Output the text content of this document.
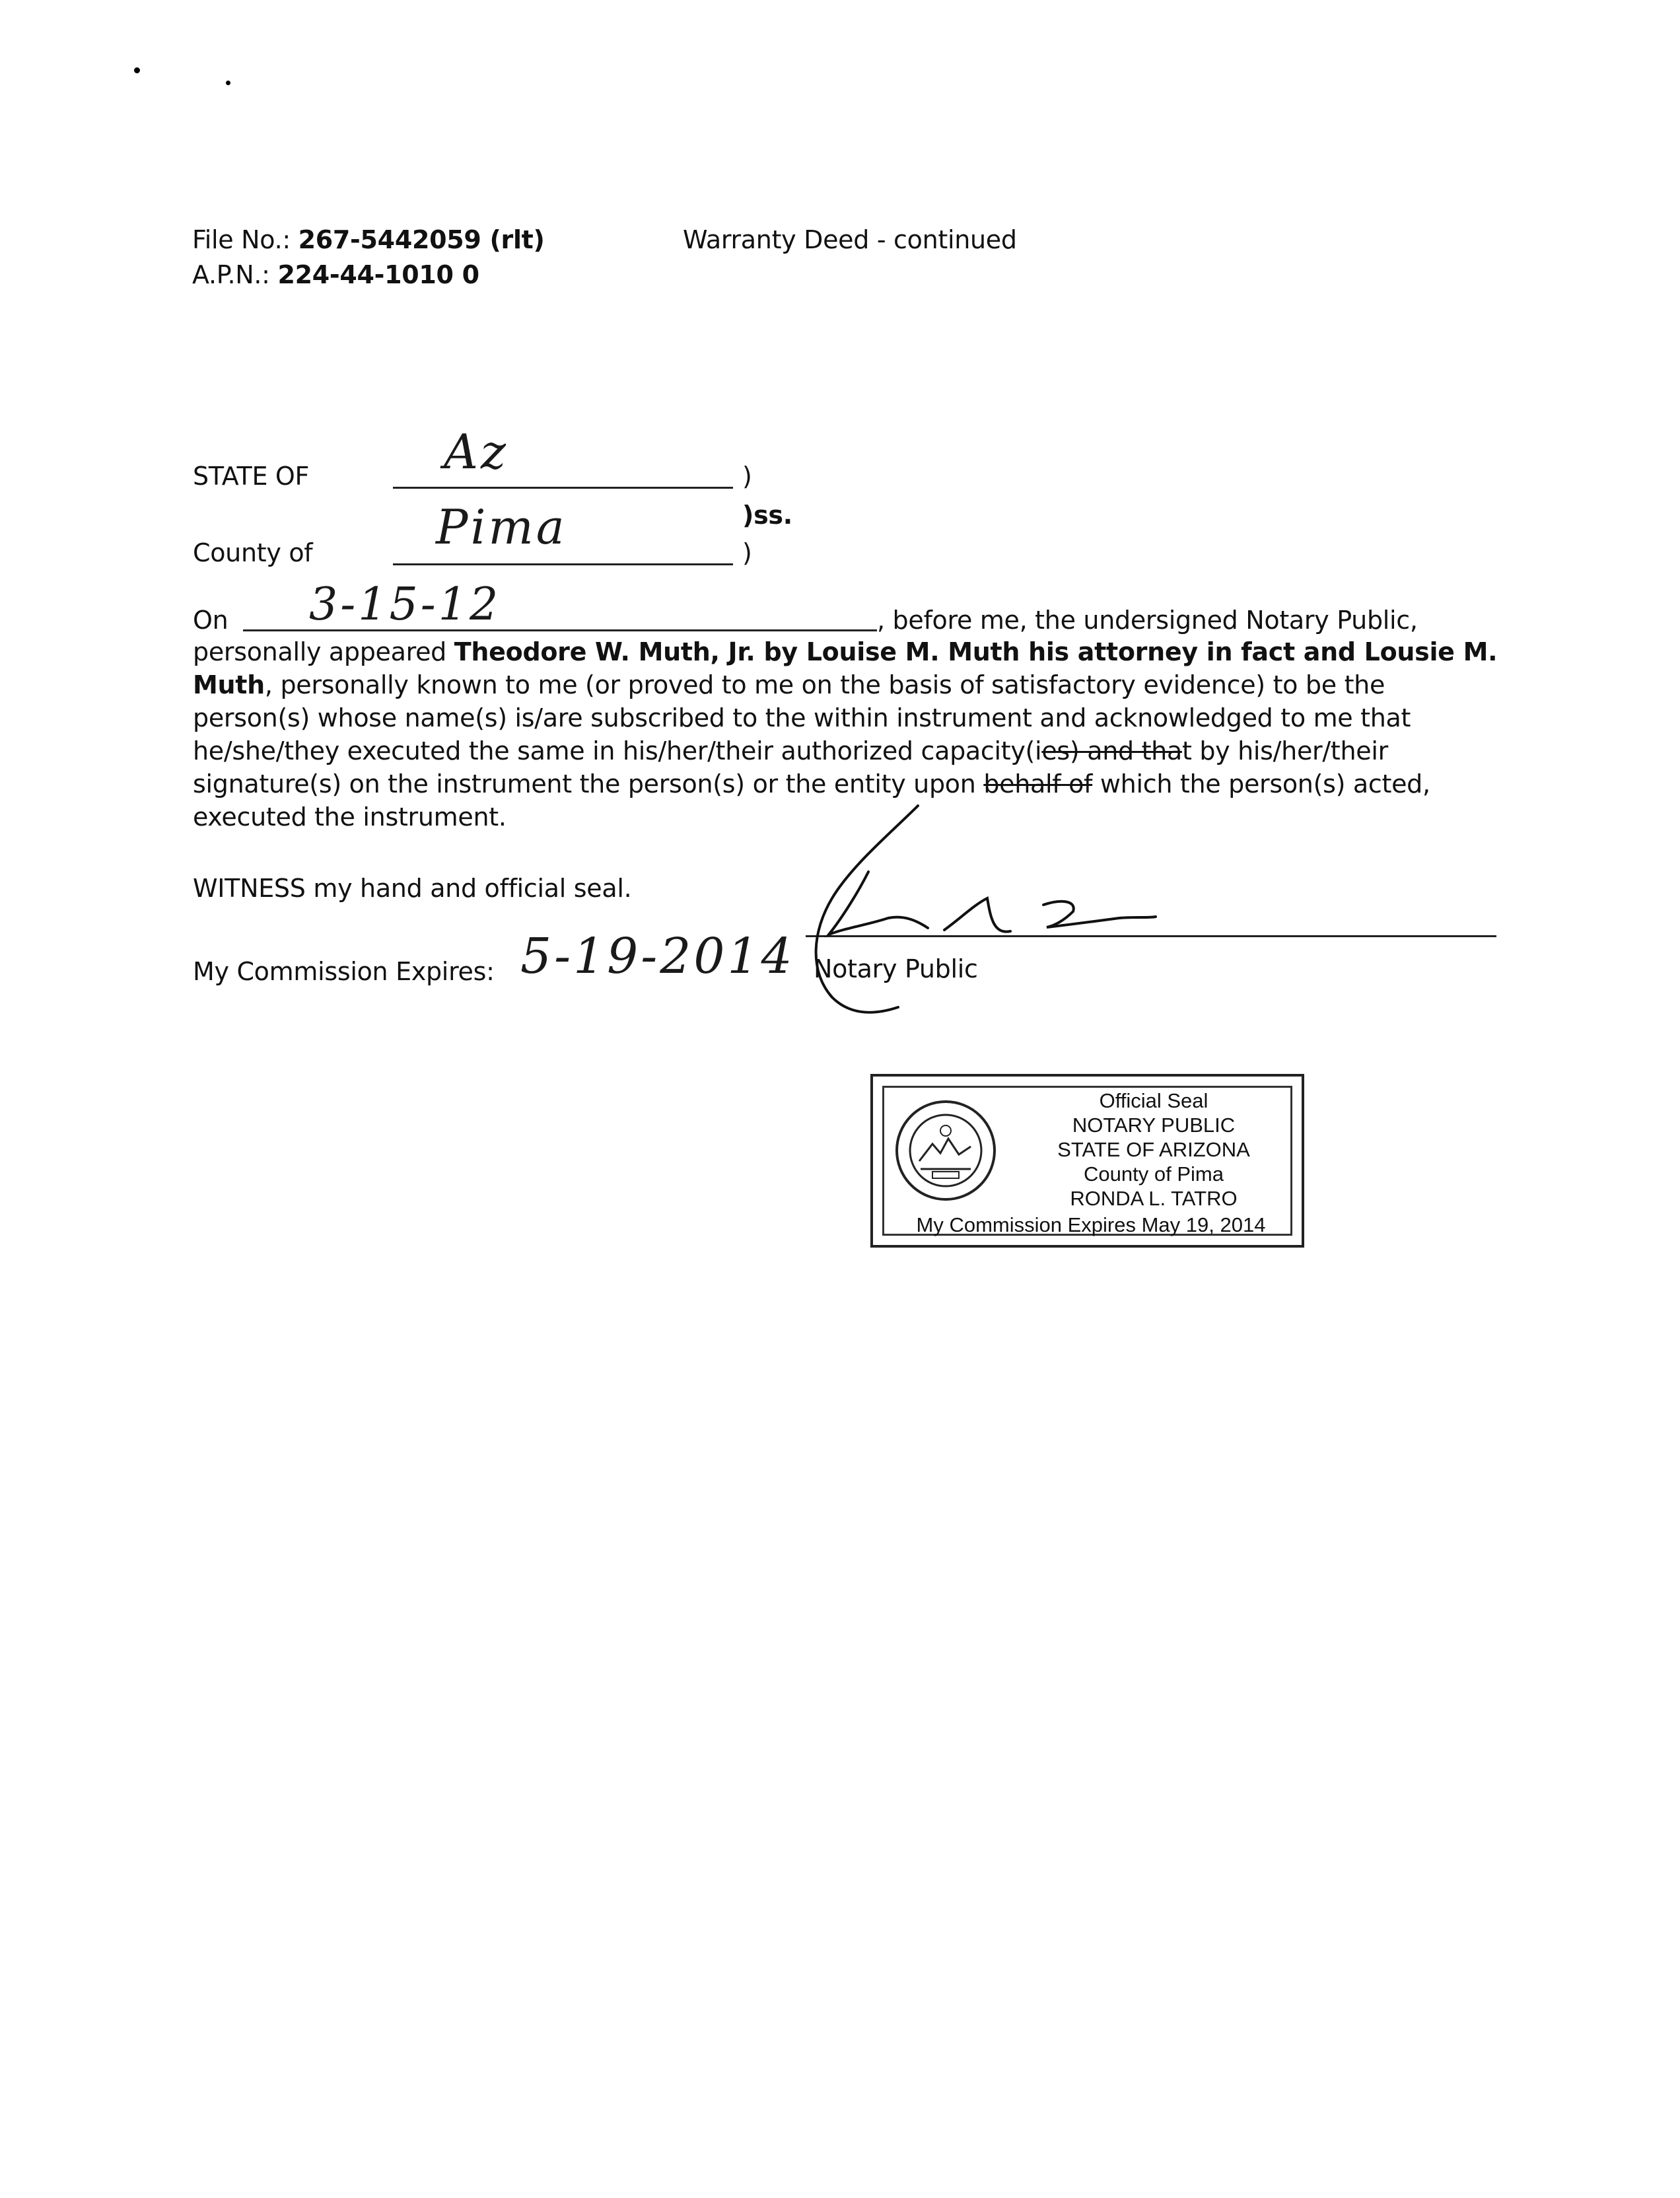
File No.: 267-5442059 (rlt)
A.P.N.: 224-44-1010 0
Warranty Deed - continued
STATE OF	Az	)
)ss.
County of	Pima	)
On 3-15-12	, before me, the undersigned Notary Public,

personally appeared Theodore W. Muth, Jr. by Louise M. Muth his attorney in fact and Lousie M.

Muth, personally known to me (or proved to me on the basis of satisfactory evidence) to be the

person(s) whose name(s) is/are subscribed to the within instrument and acknowledged to me that

he/she/they executed the same in his/her/their authorized capacity(ies) and that by his/her/their

signature(s) on the instrument the person(s) or the entity upon behalf of which the person(s) acted,

executed the instrument.

WITNESS my hand and official seal.
My Commission Expires: 5-19-2014 Notary Public
Official Seal
NOTARY PUBLIC
STATE OF ARIZONA
County of Pima
RONDA L. TATRO
My Commission Expires May 19, 2014
